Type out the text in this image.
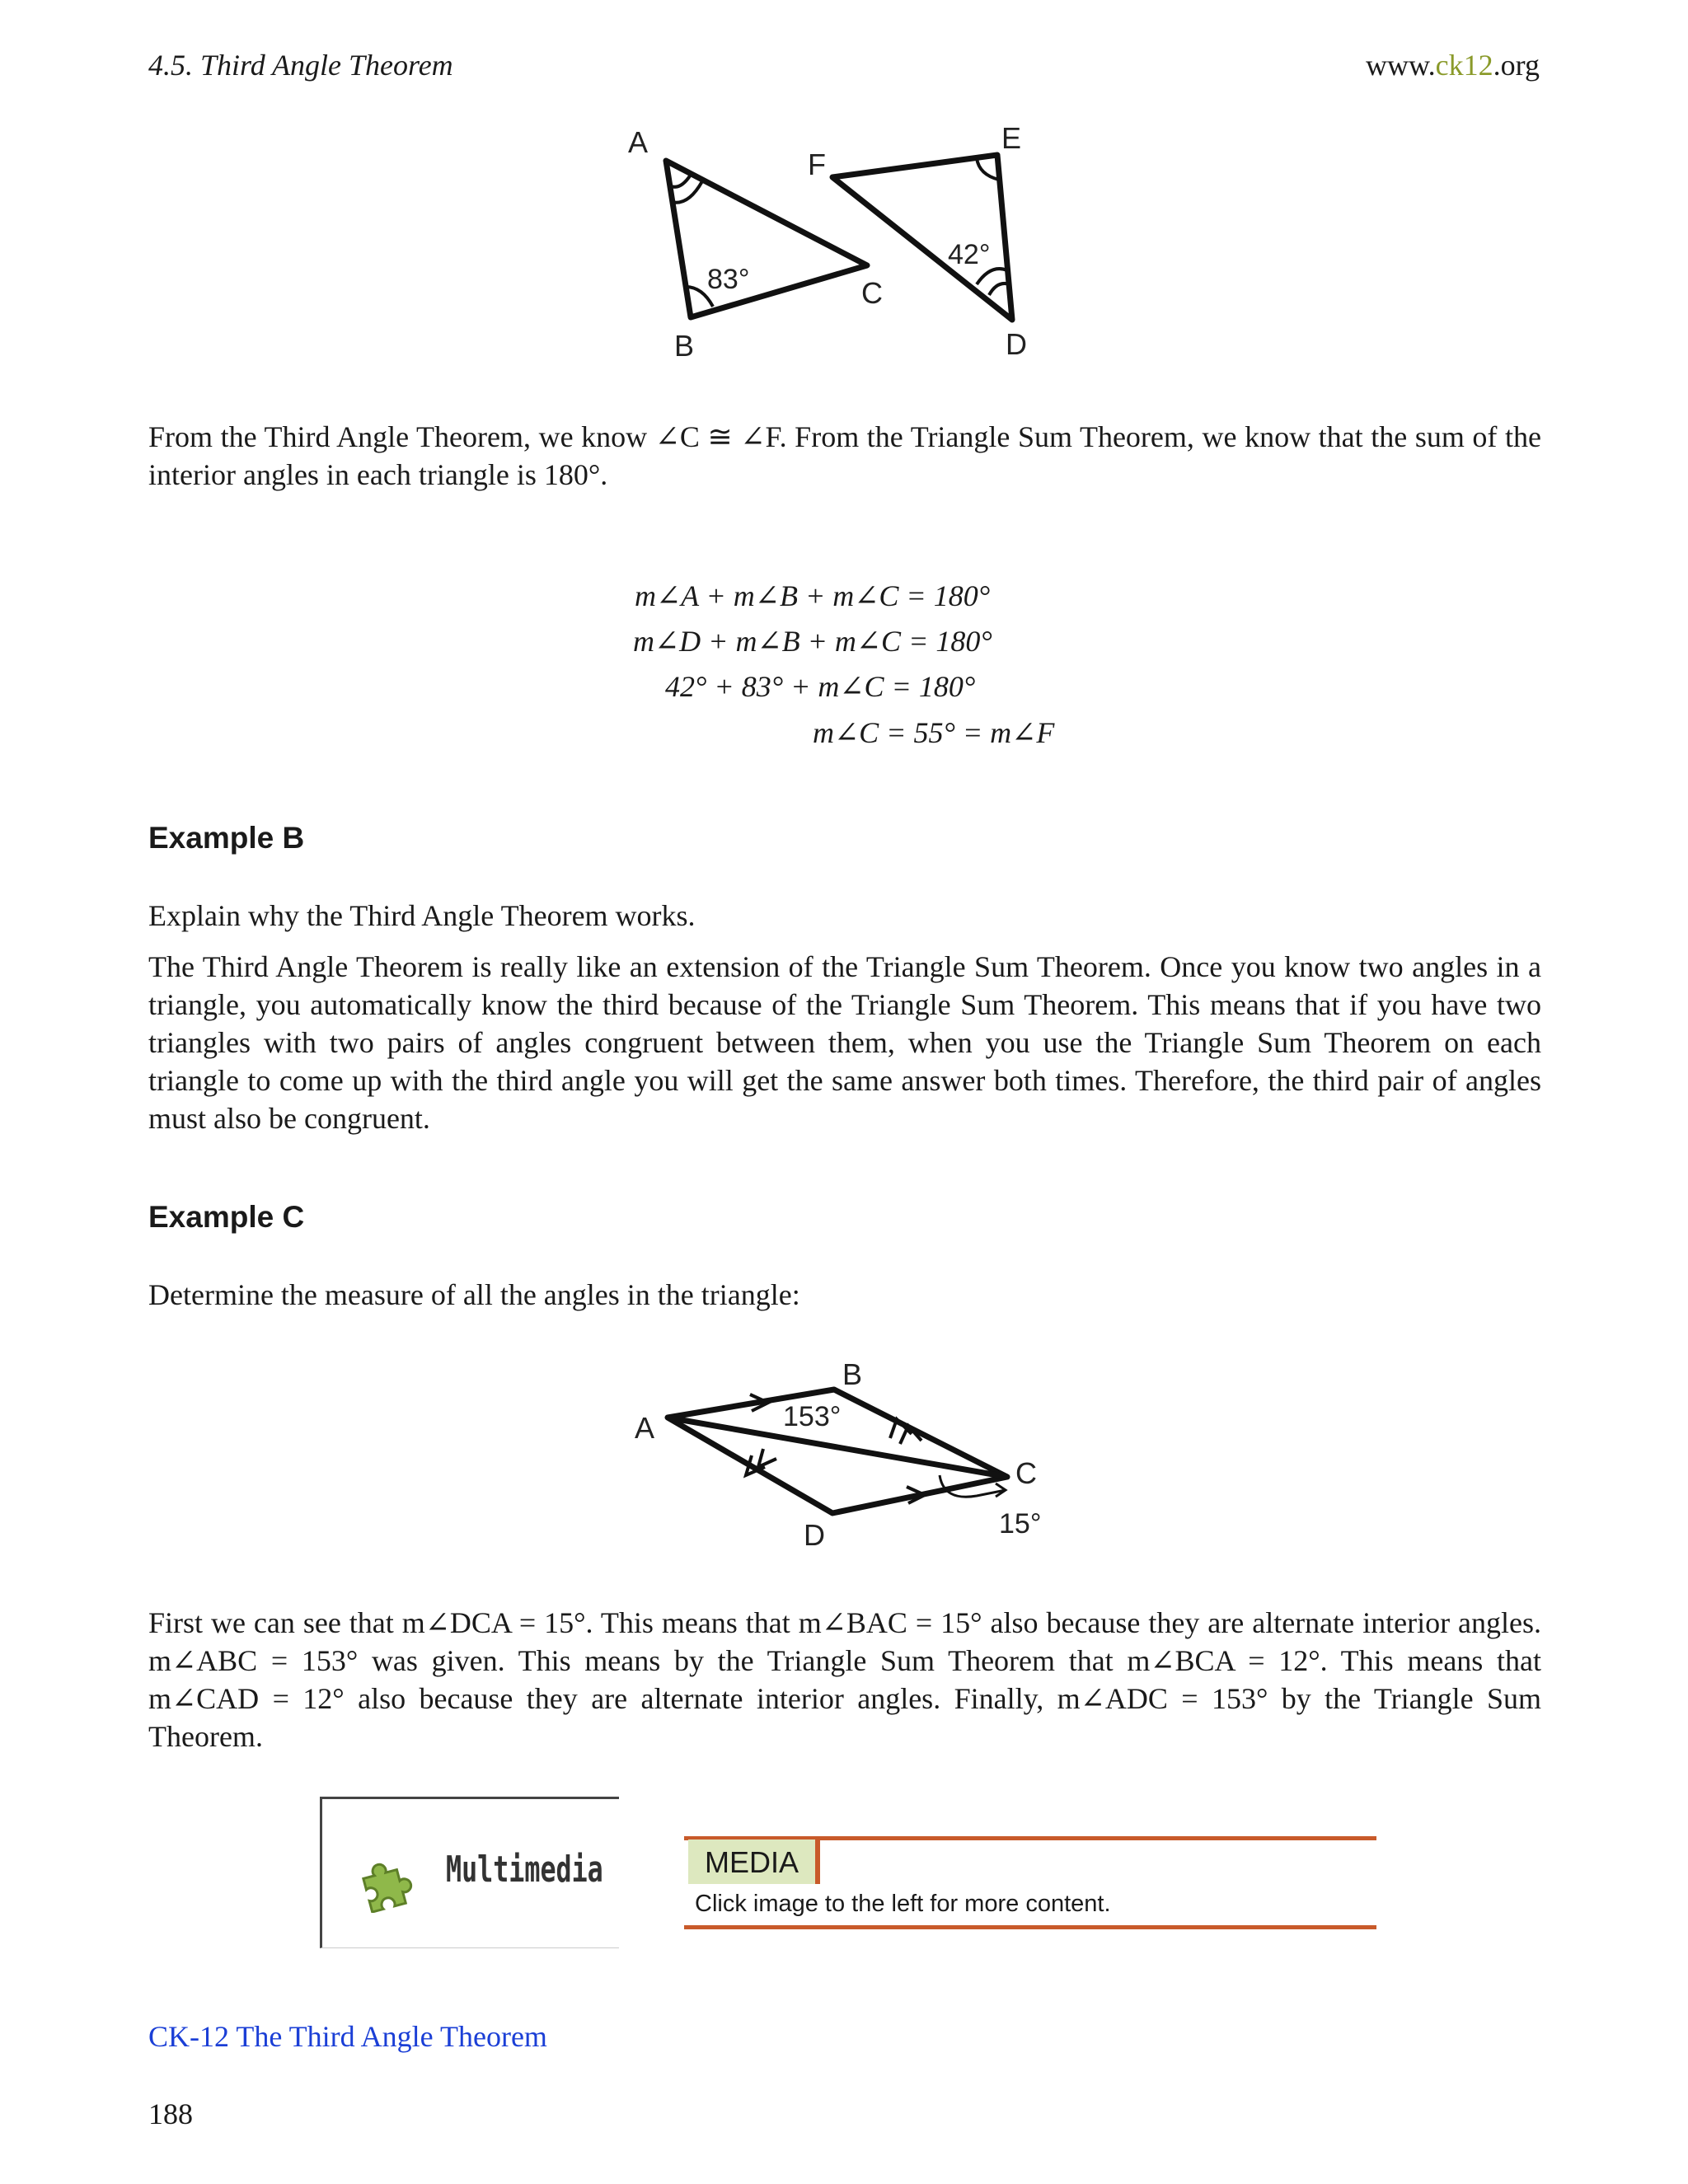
4.5. Third Angle Theorem	www.ck12.org
A
B
C
F
E
D
83°
42°
From the Third Angle Theorem, we know ∠C ≅ ∠F. From the Triangle Sum Theorem, we know that the sum of the interior angles in each triangle is 180°.
m∠A + m∠B + m∠C = 180°
m∠D + m∠B + m∠C = 180°
42° + 83° + m∠C = 180°
m∠C = 55° = m∠F
Example B
Explain why the Third Angle Theorem works.
The Third Angle Theorem is really like an extension of the Triangle Sum Theorem. Once you know two angles in a triangle, you automatically know the third because of the Triangle Sum Theorem. This means that if you have two triangles with two pairs of angles congruent between them, when you use the Triangle Sum Theorem on each triangle to come up with the third angle you will get the same answer both times. Therefore, the third pair of angles must also be congruent.
Example C
Determine the measure of all the angles in the triangle:
A
B
C
D
153°
15°
First we can see that m∠DCA = 15°. This means that m∠BAC = 15° also because they are alternate interior angles. m∠ABC = 153° was given. This means by the Triangle Sum Theorem that m∠BCA = 12°. This means that m∠CAD = 12° also because they are alternate interior angles. Finally, m∠ADC = 153° by the Triangle Sum Theorem.
Multimedia	MEDIA
Click image to the left for more content.
CK-12 The Third Angle Theorem
188
